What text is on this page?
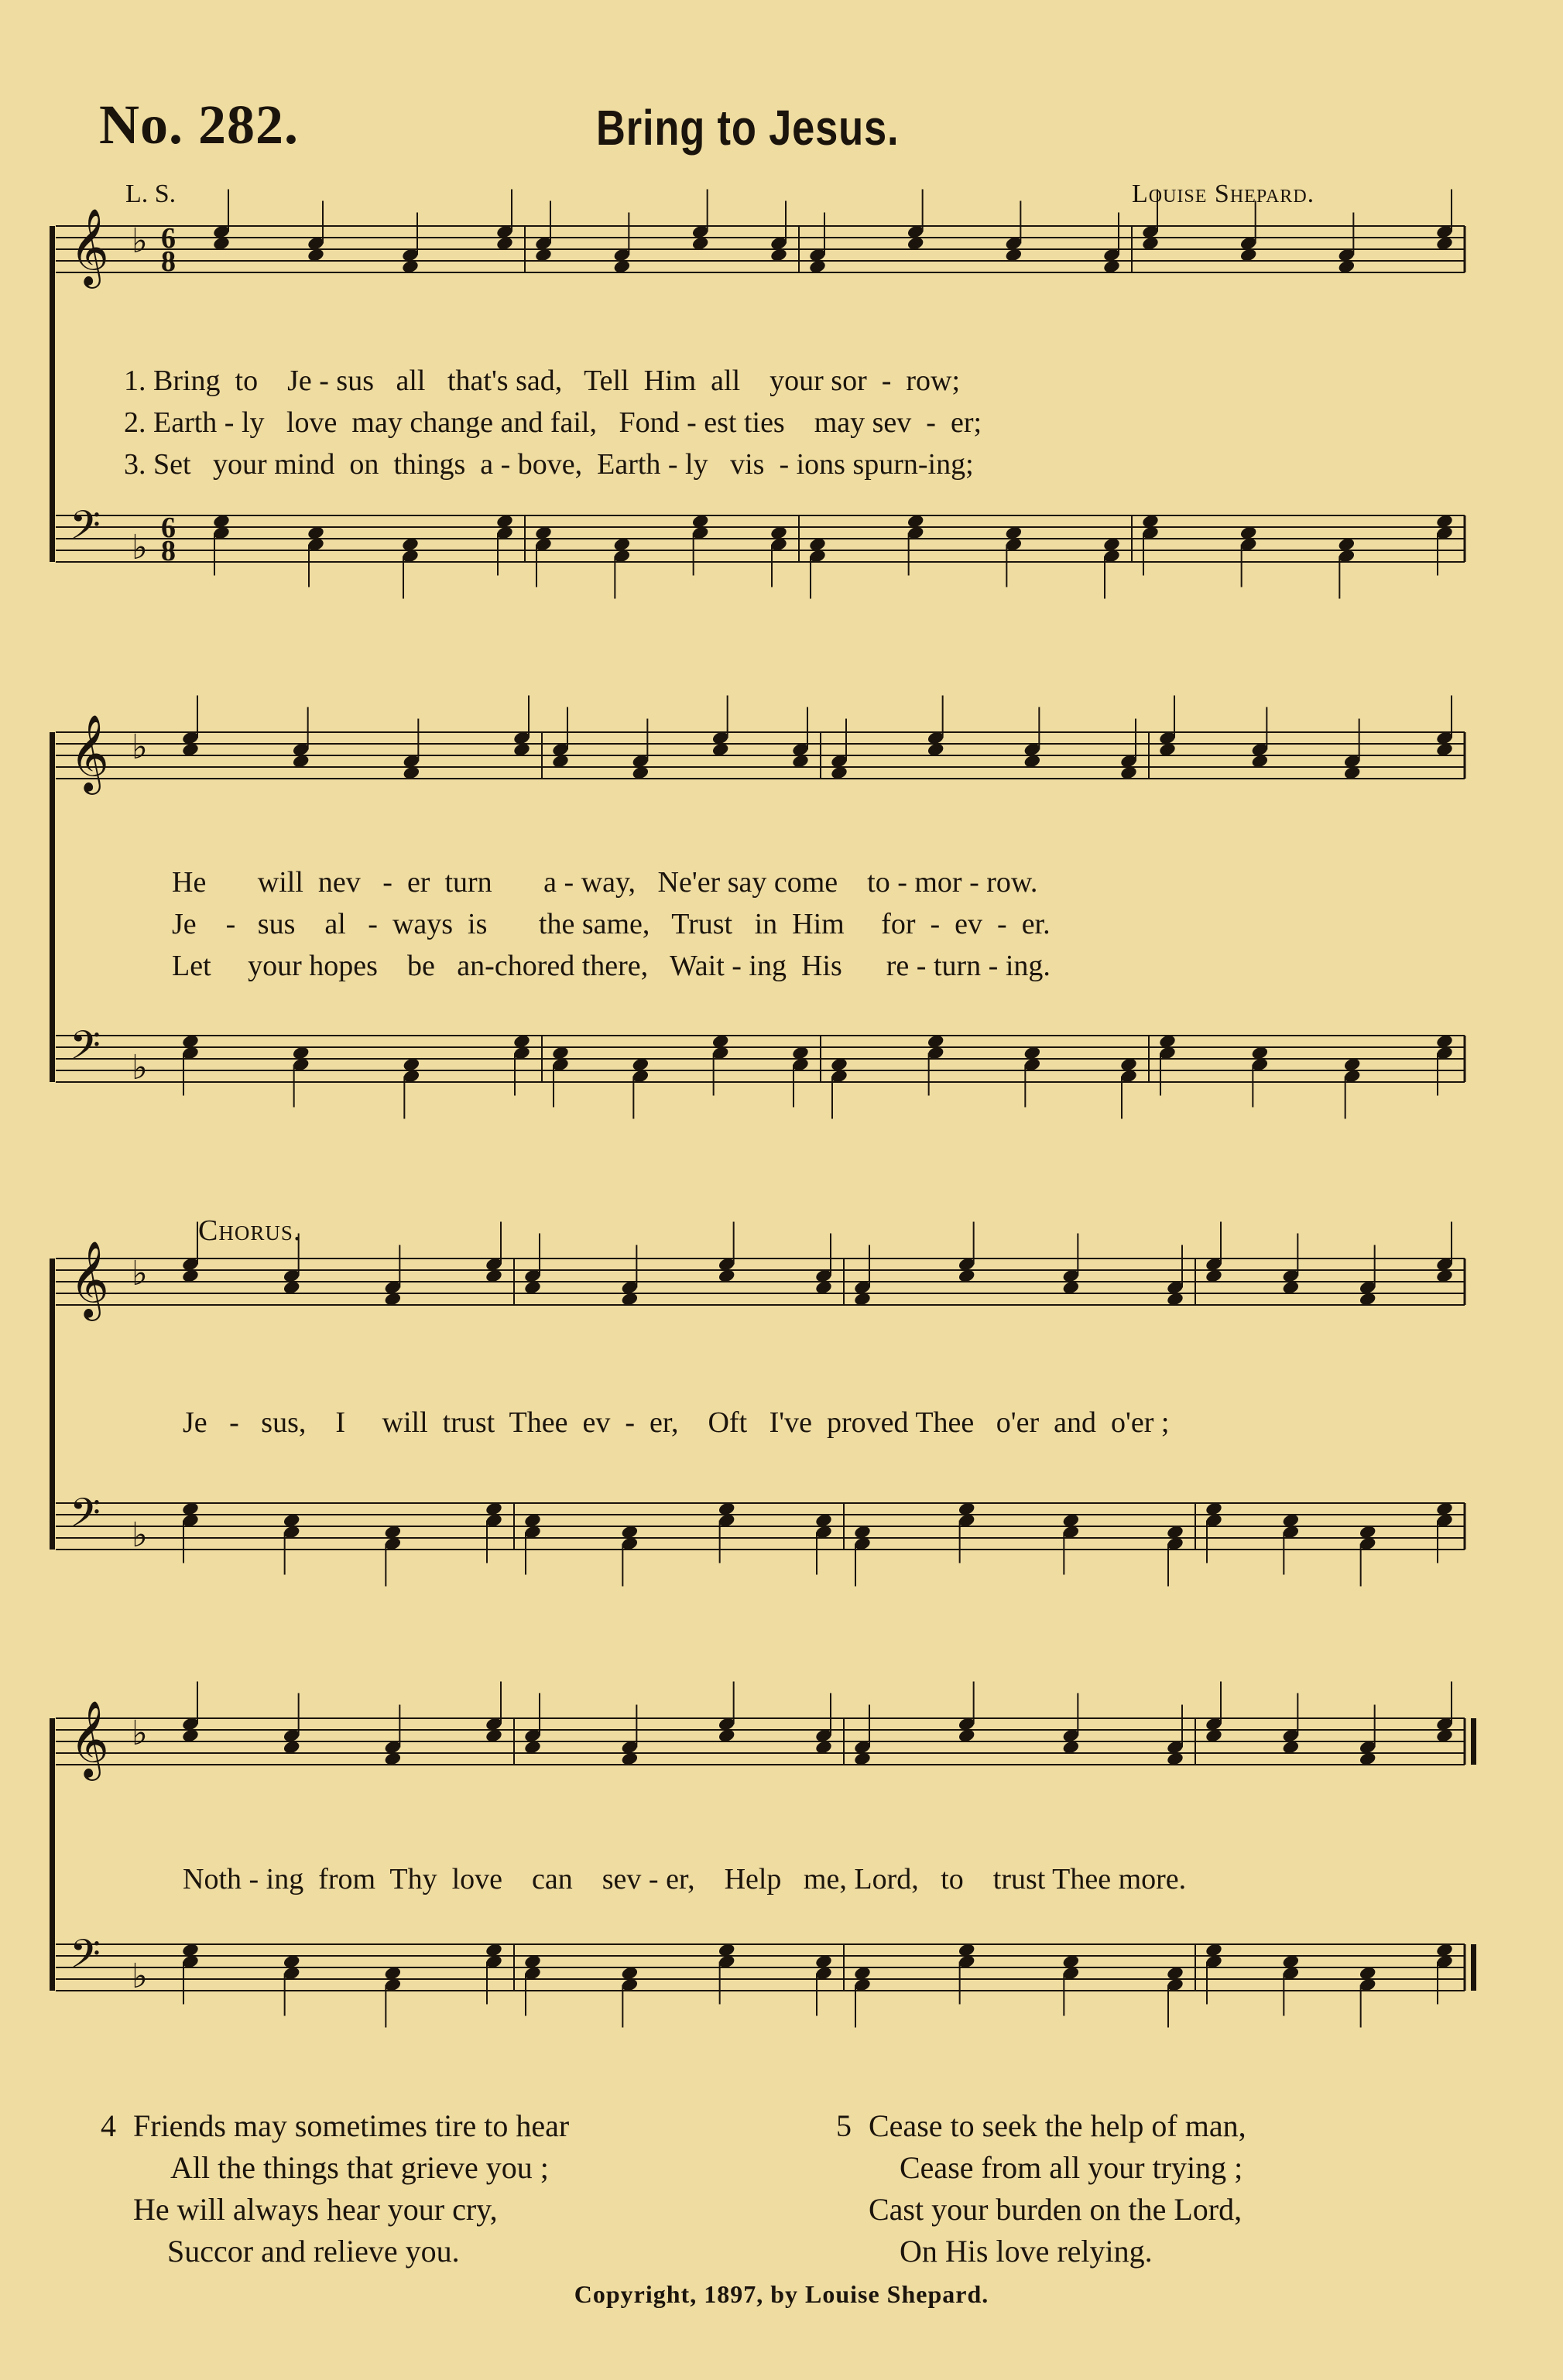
No. 282.	Bring to Jesus.
L. S.	Louise Shepard.
𝄞 ♭ 6
8
𝄢 ♭ 6
8
1. Bring  to    Je - sus   all   that's sad,   Tell  Him  all    your sor  -  row;
2. Earth - ly   love  may change and fail,   Fond - est ties    may sev  -  er;
3. Set   your mind  on  things  a - bove,  Earth - ly   vis  - ions spurn-ing;
𝄞 ♭
𝄢 ♭
He       will  nev   -  er  turn       a - way,   Ne'er say come    to - mor - row.
Je    -   sus    al   -  ways  is       the same,   Trust   in  Him     for  -  ev  -  er.
Let     your hopes    be   an-chored there,   Wait - ing  His      re - turn - ing.
𝄞 ♭
𝄢 ♭
Chorus.
Je   -   sus,    I     will  trust  Thee  ev  -  er,    Oft   I've  proved Thee   o'er  and  o'er ;
𝄞 ♭
𝄢 ♭
Noth - ing  from  Thy  love    can    sev - er,    Help   me, Lord,   to    trust Thee more.
4 Friends may sometimes tire to hear
All the things that grieve you ;
He will always hear your cry,
Succor and relieve you.
5 Cease to seek the help of man,
Cease from all your trying ;
Cast your burden on the Lord,
On His love relying.
Copyright, 1897, by Louise Shepard.
